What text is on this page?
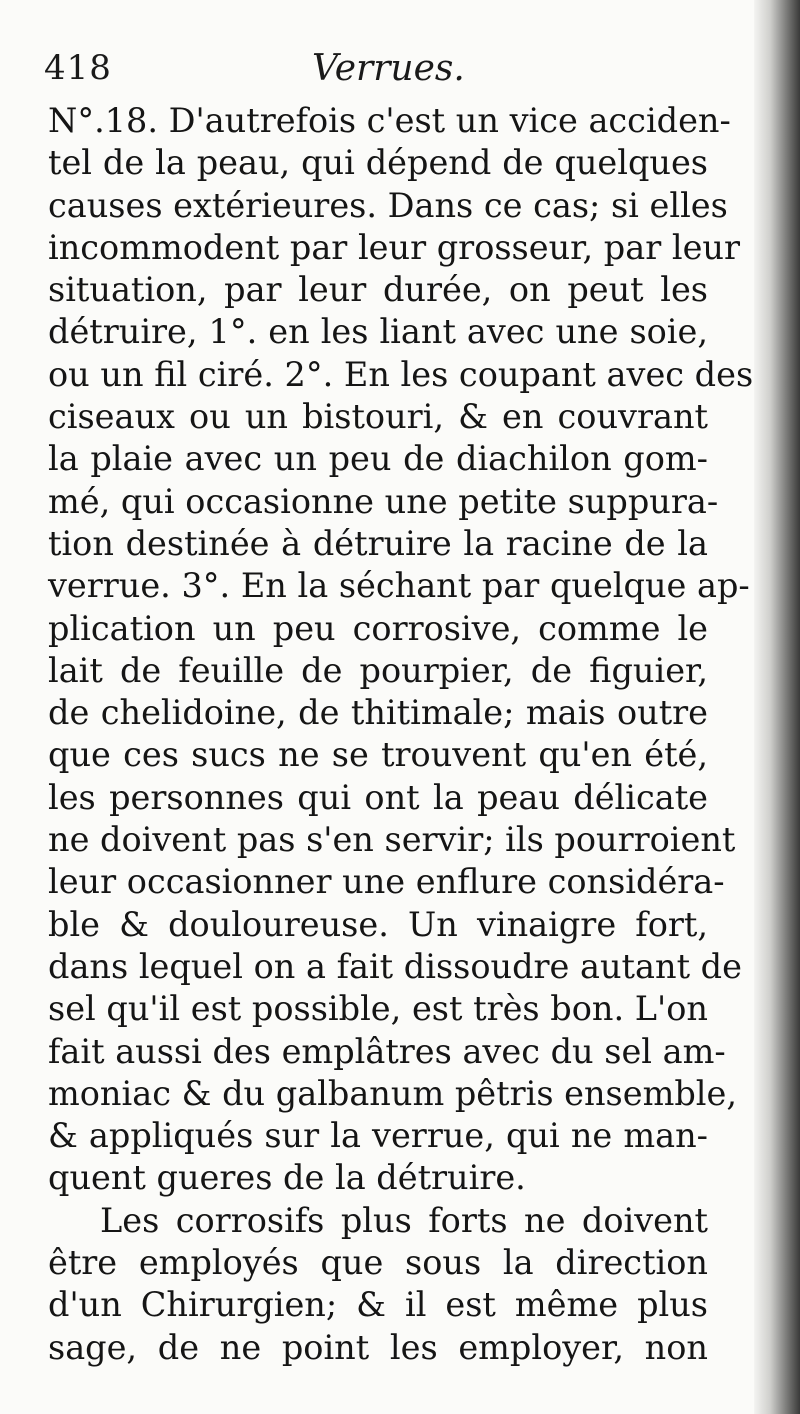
418	Verrues.
N°.18. D'autrefois c'est un vice acciden-
tel de la peau, qui dépend de quelques
causes extérieures. Dans ce cas; si elles
incommodent par leur grosseur, par leur
situation, par leur durée, on peut les
détruire, 1°. en les liant avec une soie,
ou un fil ciré. 2°. En les coupant avec des
ciseaux ou un bistouri, & en couvrant
la plaie avec un peu de diachilon gom-
mé, qui occasionne une petite suppura-
tion destinée à détruire la racine de la
verrue. 3°. En la séchant par quelque ap-
plication un peu corrosive, comme le
lait de feuille de pourpier, de figuier,
de chelidoine, de thitimale; mais outre
que ces sucs ne se trouvent qu'en été,
les personnes qui ont la peau délicate
ne doivent pas s'en servir; ils pourroient
leur occasionner une enflure considéra-
ble & douloureuse. Un vinaigre fort,
dans lequel on a fait dissoudre autant de
sel qu'il est possible, est très bon. L'on
fait aussi des emplâtres avec du sel am-
moniac & du galbanum pêtris ensemble,
& appliqués sur la verrue, qui ne man-
quent gueres de la détruire.
Les corrosifs plus forts ne doivent
être employés que sous la direction
d'un Chirurgien; & il est même plus
sage, de ne point les employer, non
